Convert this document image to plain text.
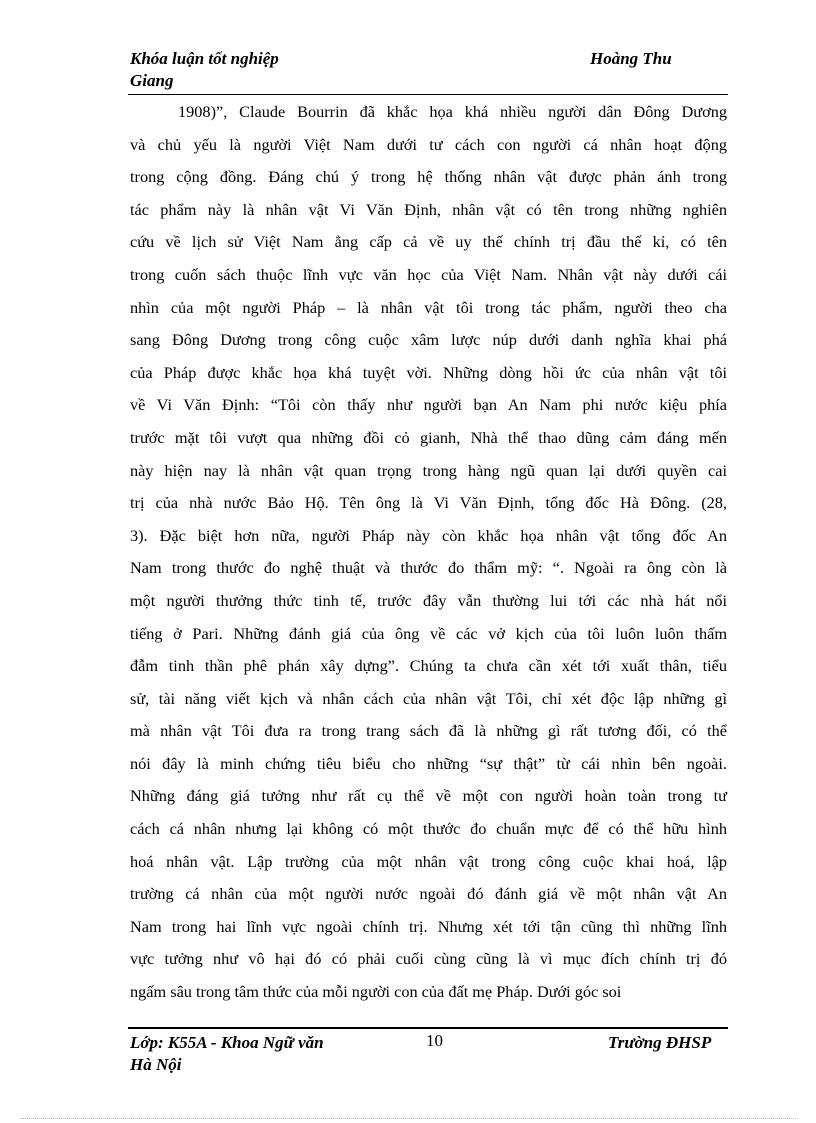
Khóa luận tốt nghiệp	Hoàng Thu
Giang
1908)”, Claude Bourrin đã khắc họa khá nhiều người dân Đông Dương
và chủ yếu là người Việt Nam dưới tư cách con người cá nhân hoạt động
trong cộng đồng. Đáng chú ý trong hệ thống nhân vật được phản ánh trong
tác phẩm này là nhân vật Vi Văn Định, nhân vật có tên trong những nghiên
cứu về lịch sử Việt Nam ẳng cấp cả về uy thế chính trị đầu thế kỉ, có tên
trong cuốn sách thuộc lĩnh vực văn học của Việt Nam. Nhân vật này dưới cái
nhìn của một người Pháp – là nhân vật tôi trong tác phẩm, người theo cha
sang Đông Dương trong công cuộc xâm lược núp dưới danh nghĩa khai phá
của Pháp được khắc họa khá tuyệt vời. Những dòng hồi ức của nhân vật tôi
về Vi Văn Định: “Tôi còn thấy như người bạn An Nam phi nước kiệu phía
trước mặt tôi vượt qua những đồi cỏ gianh, Nhà thể thao dũng cảm đáng mến
này hiện nay là nhân vật quan trọng trong hàng ngũ quan lại dưới quyền cai
trị của nhà nước Bảo Hộ. Tên ông là Vi Văn Định, tổng đốc Hà Đông. (28,
3). Đặc biệt hơn nữa, người Pháp này còn khắc họa nhân vật tổng đốc An
Nam trong thước đo nghệ thuật và thước đo thẩm mỹ: “. Ngoài ra ông còn là
một người thưởng thức tinh tế, trước đây vẫn thường lui tới các nhà hát nổi
tiếng ở Pari. Những đánh giá của ông về các vở kịch của tôi luôn luôn thấm
đẫm tinh thần phê phán xây dựng”. Chúng ta chưa cần xét tới xuất thân, tiểu
sử, tài năng viết kịch và nhân cách của nhân vật Tôi, chỉ xét độc lập những gì
mà nhân vật Tôi đưa ra trong trang sách đã là những gì rất tương đối, có thể
nói đây là minh chứng tiêu biểu cho những “sự thật” từ cái nhìn bên ngoài.
Những đáng giá tưởng như rất cụ thể về một con người hoàn toàn trong tư
cách cá nhân nhưng lại không có một thước đo chuẩn mực để có thể hữu hình
hoá nhân vật. Lập trường của một nhân vật trong công cuộc khai hoá, lập
trường cá nhân của một người nước ngoài đó đánh giá về một nhân vật An
Nam trong hai lĩnh vực ngoài chính trị. Nhưng xét tới tận cũng thì những lĩnh
vực tưởng như vô hại đó có phải cuối cùng cũng là vì mục đích chính trị đó
ngấm sâu trong tâm thức của mỗi người con của đất mẹ Pháp. Dưới góc soi
Lớp: K55A - Khoa Ngữ văn	10	Trường ĐHSP
Hà Nội
